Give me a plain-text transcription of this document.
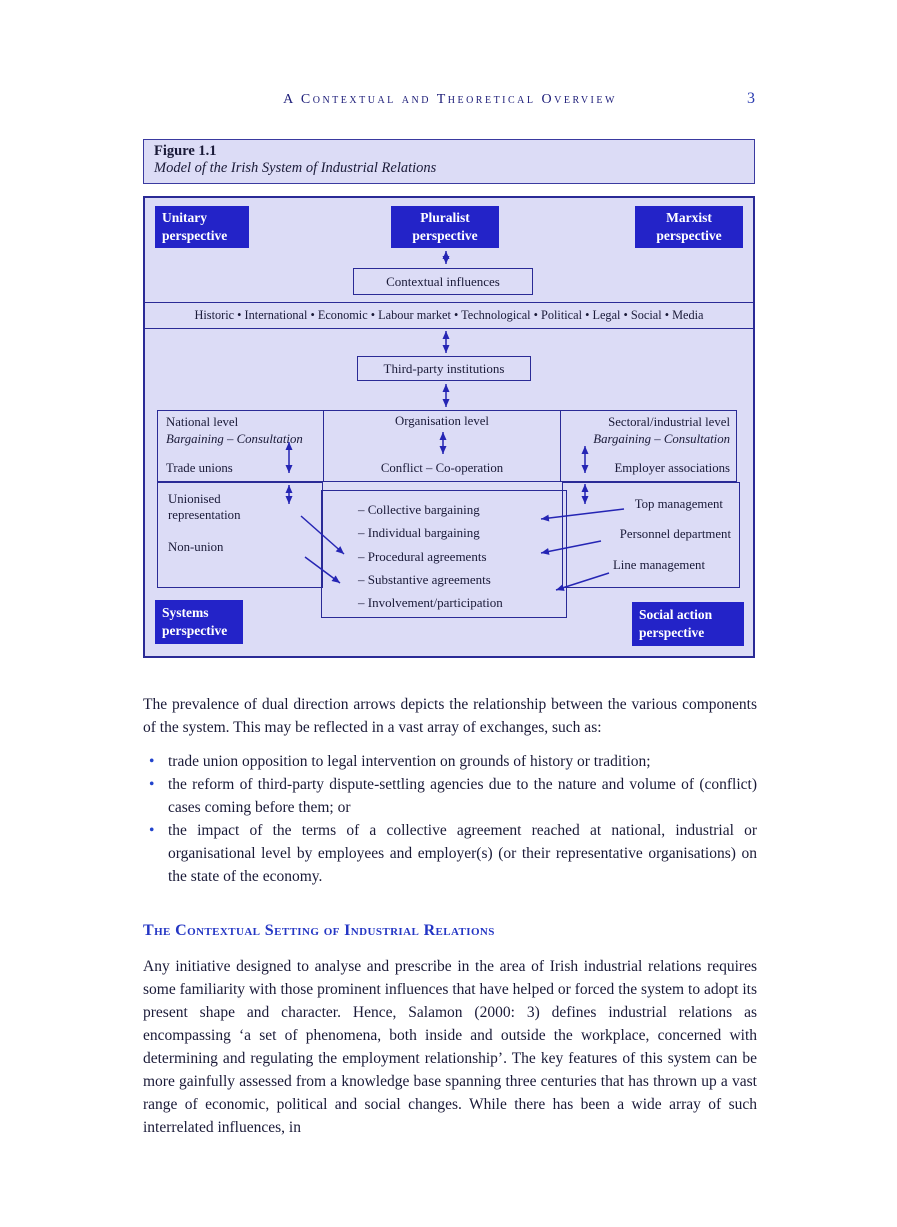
A Contextual and Theoretical Overview	3
Figure 1.1
Model of the Irish System of Industrial Relations
Unitary perspective
Pluralist perspective
Marxist perspective
Systems perspective
Social action perspective
Contextual influences
Historic • International • Economic • Labour market • Technological • Political • Legal • Social • Media
Third-party institutions
National level
Bargaining – Consultation
Trade unions
Organisation level
Conflict – Co-operation
Sectoral/industrial level
Bargaining – Consultation
Employer associations
Unionised representation
Non-union
– Collective bargaining
– Individual bargaining
– Procedural agreements
– Substantive agreements
– Involvement/participation
Top management
Personnel department
Line management
The prevalence of dual direction arrows depicts the relationship between the various components of the system. This may be reflected in a vast array of exchanges, such as:
• trade union opposition to legal intervention on grounds of history or tradition;
• the reform of third-party dispute-settling agencies due to the nature and volume of (conflict) cases coming before them; or
• the impact of the terms of a collective agreement reached at national, industrial or organisational level by employees and employer(s) (or their representative organisations) on the state of the economy.
The Contextual Setting of Industrial Relations
Any initiative designed to analyse and prescribe in the area of Irish industrial relations requires some familiarity with those prominent influences that have helped or forced the system to adopt its present shape and character. Hence, Salamon (2000: 3) defines industrial relations as encompassing ‘a set of phenomena, both inside and outside the workplace, concerned with determining and regulating the employment relationship’. The key features of this system can be more gainfully assessed from a knowledge base spanning three centuries that has thrown up a vast range of economic, political and social changes. While there has been a wide array of such interrelated influences, in
